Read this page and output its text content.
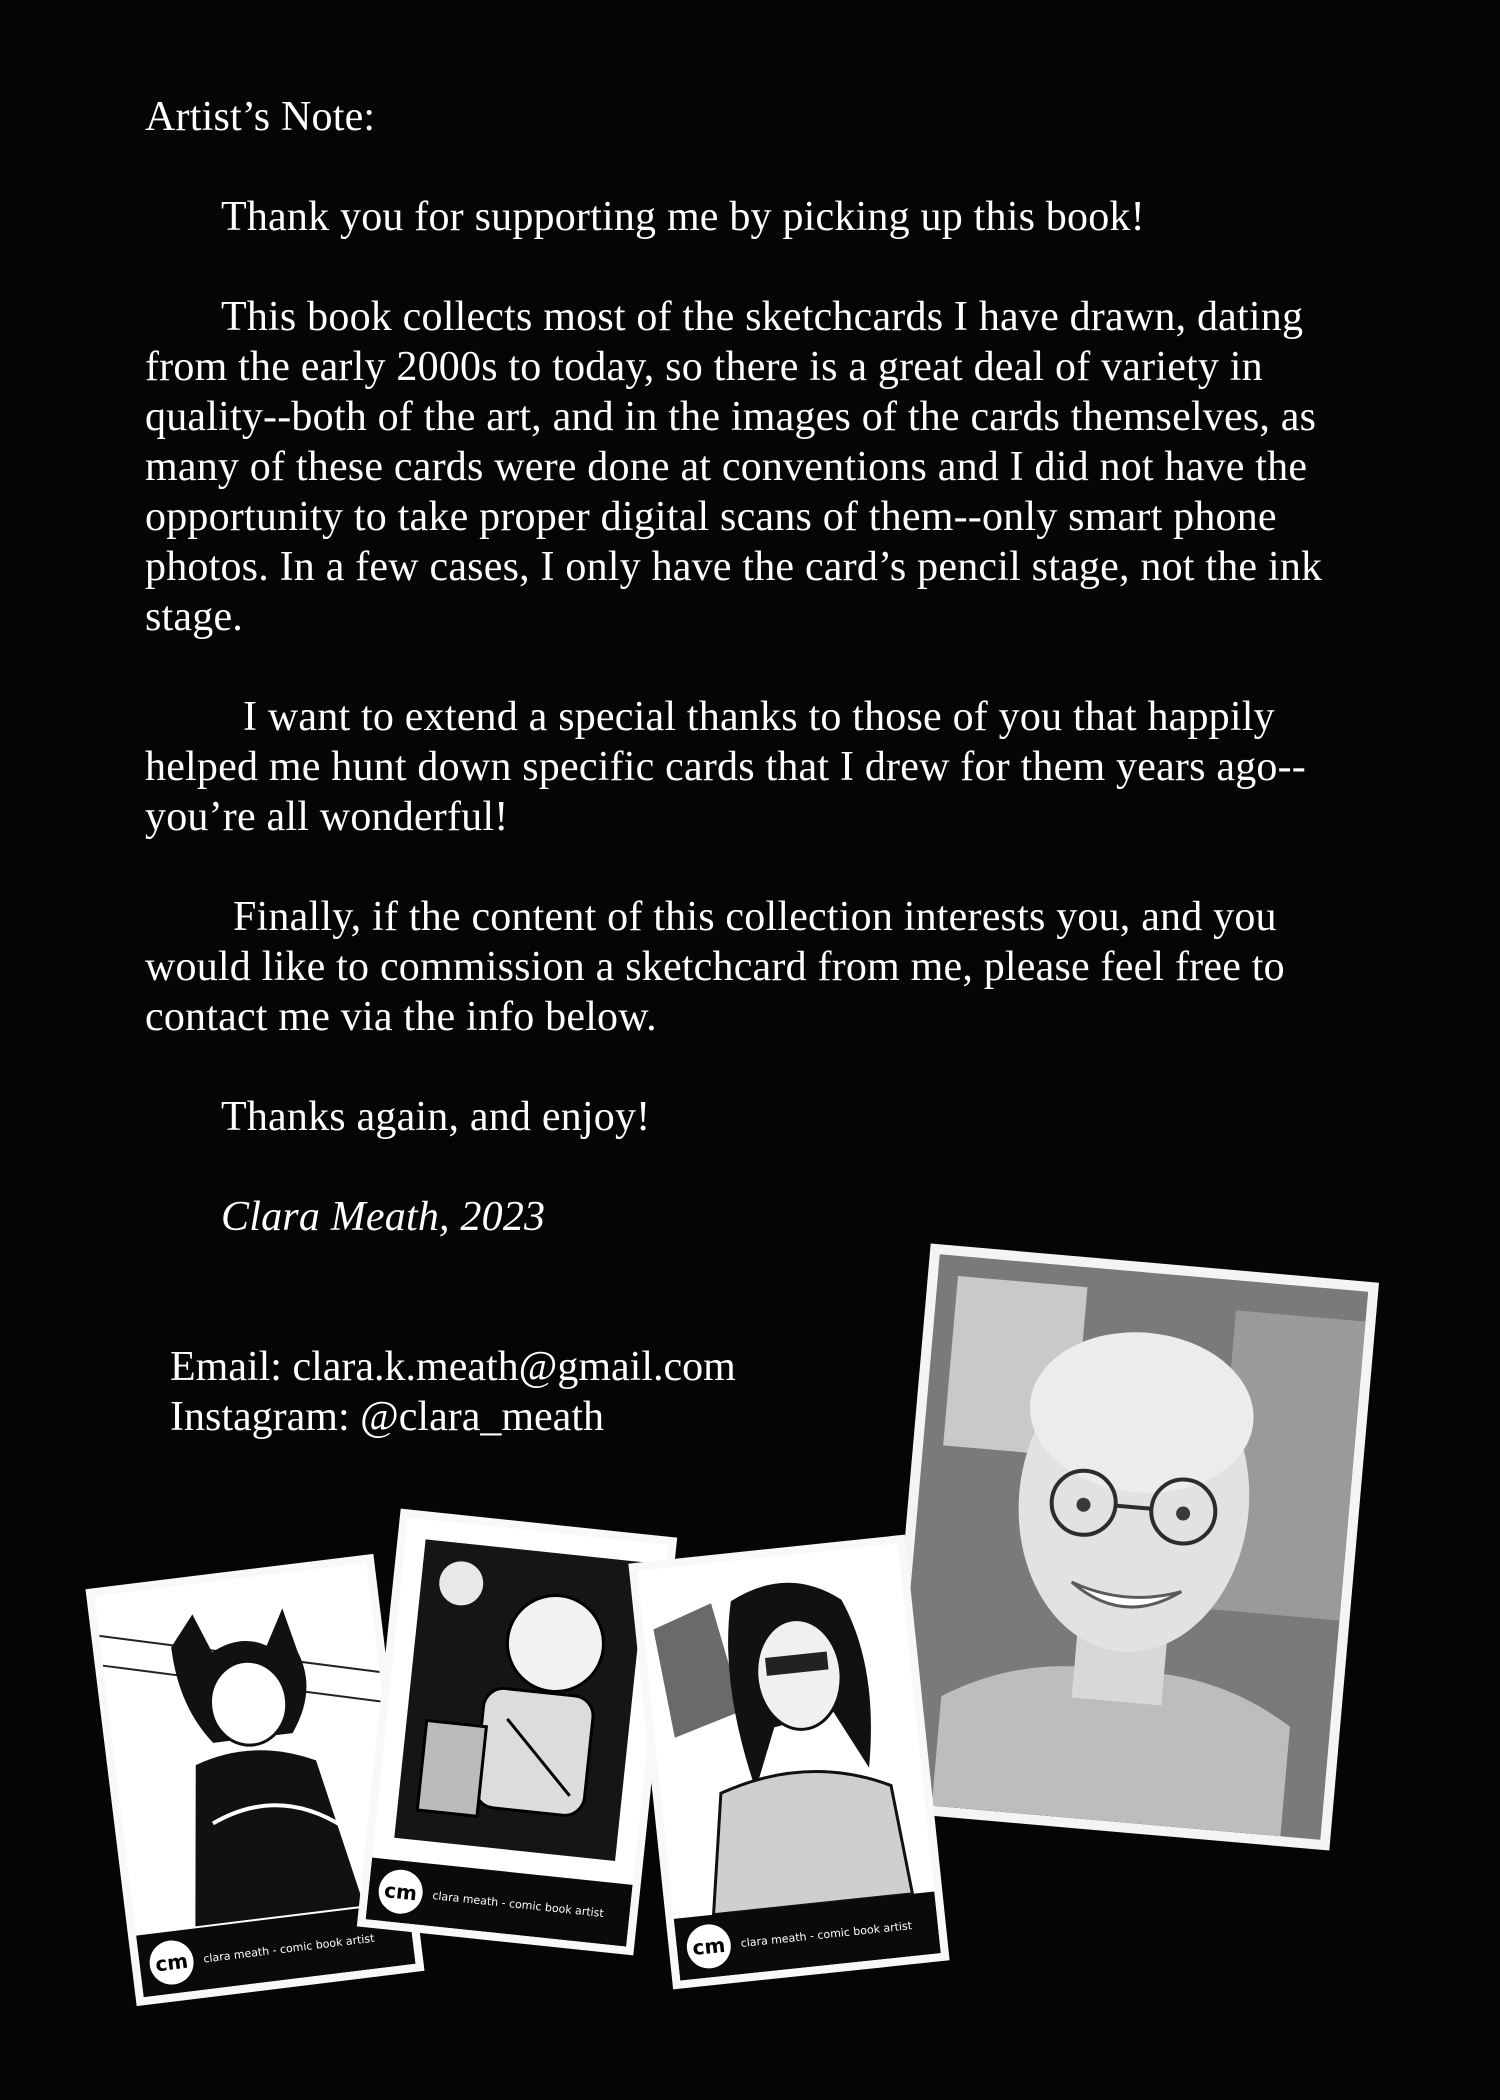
Artist’s Note:

Thank you for supporting me by picking up this book!

This book collects most of the sketchcards I have drawn, dating from the early 2000s to today, so there is a great deal of variety in quality--both of the art, and in the images of the cards themselves, as many of these cards were done at conventions and I did not have the opportunity to take proper digital scans of them--only smart phone photos. In a few cases, I only have the card’s pencil stage, not the ink stage.

I want to extend a special thanks to those of you that happily helped me hunt down specific cards that I drew for them years ago--you’re all wonderful!

Finally, if the content of this collection interests you, and you would like to commission a sketchcard from me, please feel free to contact me via the info below.

Thanks again, and enjoy!

Clara Meath, 2023

Email: clara.k.meath@gmail.com
Instagram: @clara_meath
cm	clara meath - comic book artist
cm	clara meath - comic book artist
cm	clara meath - comic book artist
